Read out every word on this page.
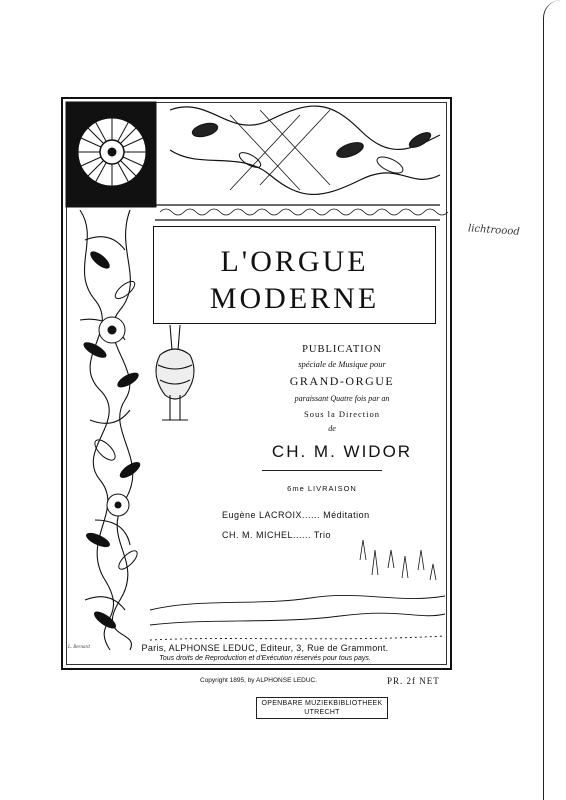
L'ORGUE
MODERNE
PUBLICATION
spéciale de Musique pour
GRAND-ORGUE
paraissant Quatre fois par an
Sous la Direction
de
CH. M. WIDOR
6me LIVRAISON
Eugène LACROIX...... Méditation
CH. M. MICHEL...... Trio
L. Bernard	Paris, ALPHONSE LEDUC, Editeur, 3, Rue de Grammont.
Tous droits de Reproduction et d'Exécution réservés pour tous pays.
Copyright 1895, by ALPHONSE LEDUC.	PR. 2f NET
OPENBARE MUZIEKBIBLIOTHEEK
UTRECHT
lichtroood
